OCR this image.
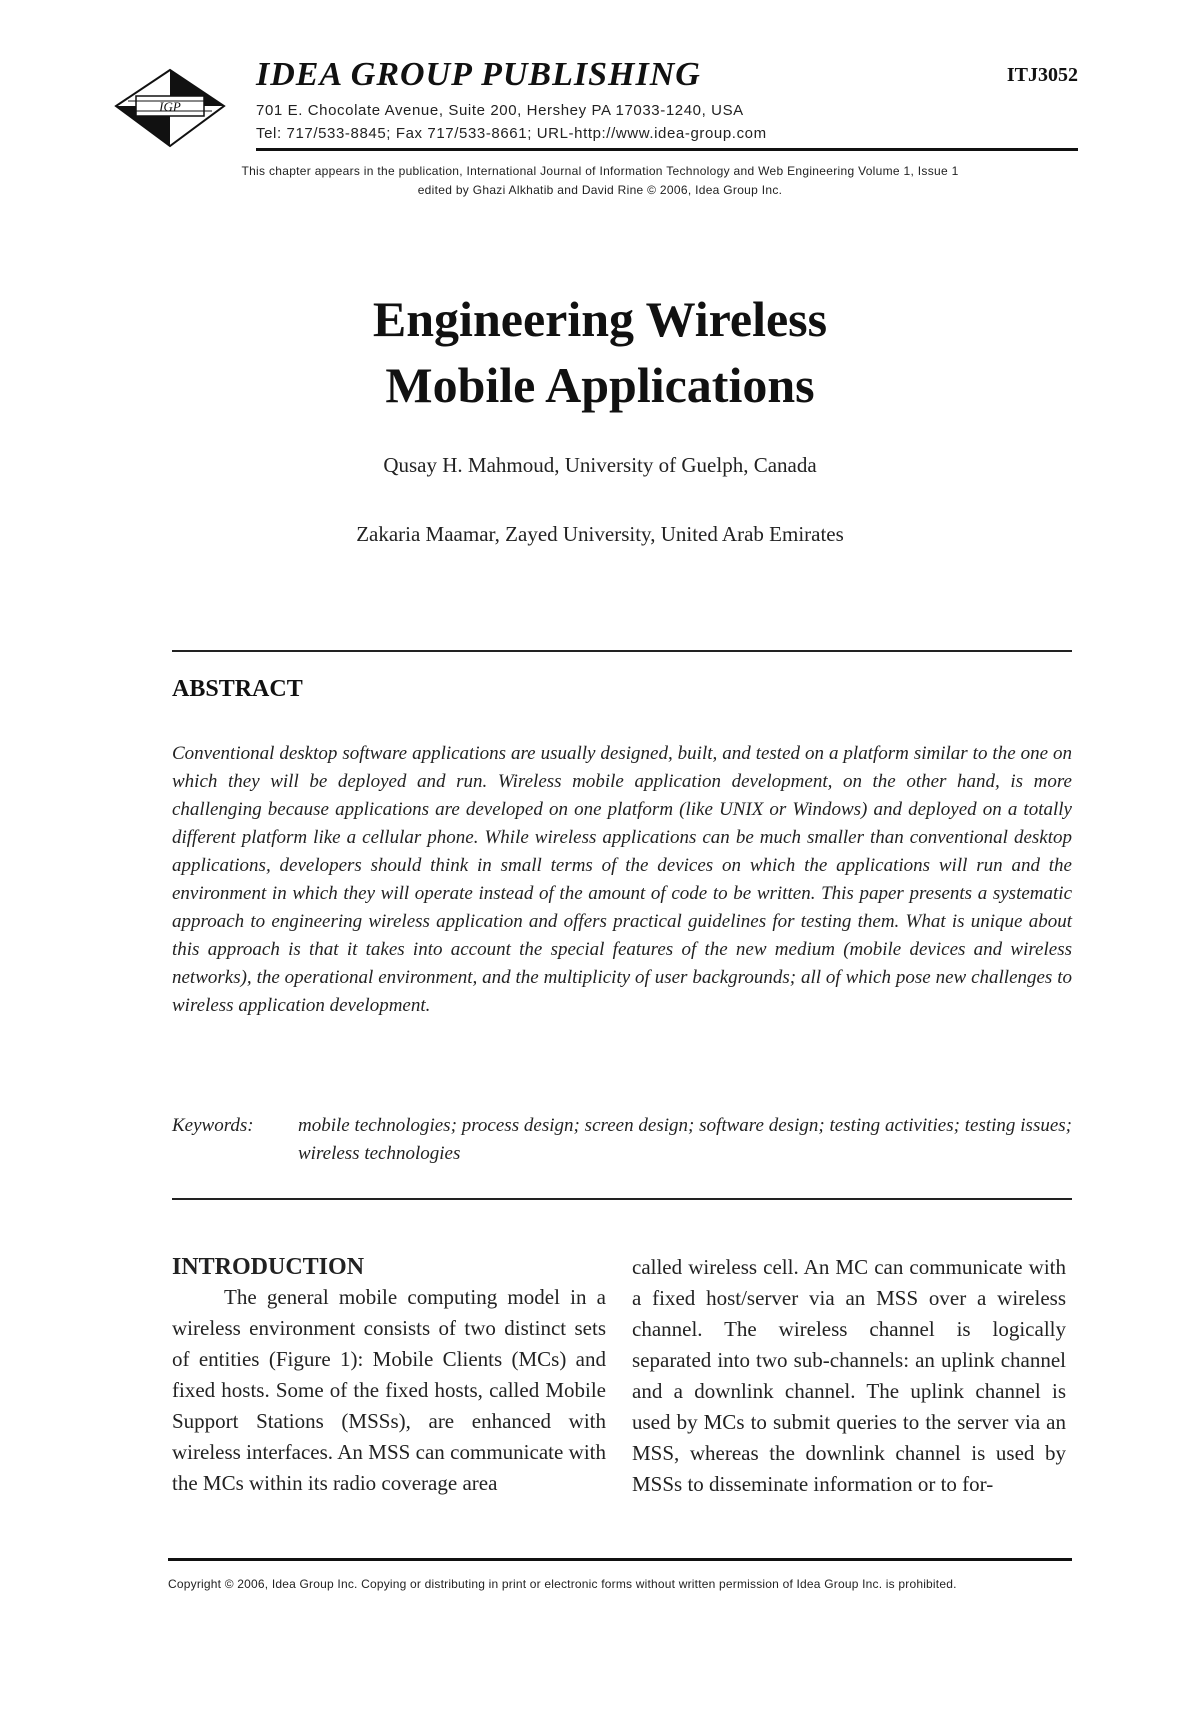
IGP
IDEA GROUP PUBLISHING	ITJ3052
701 E. Chocolate Avenue, Suite 200, Hershey PA 17033-1240, USA
Tel: 717/533-8845; Fax 717/533-8661; URL-http://www.idea-group.com
This chapter appears in the publication, International Journal of Information Technology and Web Engineering Volume 1, Issue 1
edited by Ghazi Alkhatib and David Rine © 2006, Idea Group Inc.
Engineering Wireless
Mobile Applications
Qusay H. Mahmoud, University of Guelph, Canada
Zakaria Maamar, Zayed University, United Arab Emirates
ABSTRACT
Conventional desktop software applications are usually designed, built, and tested on a platform similar to the one on which they will be deployed and run. Wireless mobile application development, on the other hand, is more challenging because applications are developed on one platform (like UNIX or Windows) and deployed on a totally different platform like a cellular phone. While wireless applications can be much smaller than conventional desktop applications, developers should think in small terms of the devices on which the applications will run and the environment in which they will operate instead of the amount of code to be written. This paper presents a systematic approach to engineering wireless application and offers practical guidelines for testing them. What is unique about this approach is that it takes into account the special features of the new medium (mobile devices and wireless networks), the operational environment, and the multiplicity of user backgrounds; all of which pose new challenges to wireless application development.
Keywords: mobile technologies; process design; screen design; software design; testing activities; testing issues; wireless technologies
INTRODUCTION
The general mobile computing model in a wireless environment consists of two distinct sets of entities (Figure 1): Mobile Clients (MCs) and fixed hosts. Some of the fixed hosts, called Mobile Support Stations (MSSs), are enhanced with wireless interfaces. An MSS can communicate with the MCs within its radio coverage area
called wireless cell. An MC can communicate with a fixed host/server via an MSS over a wireless channel. The wireless channel is logically separated into two sub-channels: an uplink channel and a downlink channel. The uplink channel is used by MCs to submit queries to the server via an MSS, whereas the downlink channel is used by MSSs to disseminate information or to for-
Copyright © 2006, Idea Group Inc. Copying or distributing in print or electronic forms without written permission of Idea Group Inc. is prohibited.
